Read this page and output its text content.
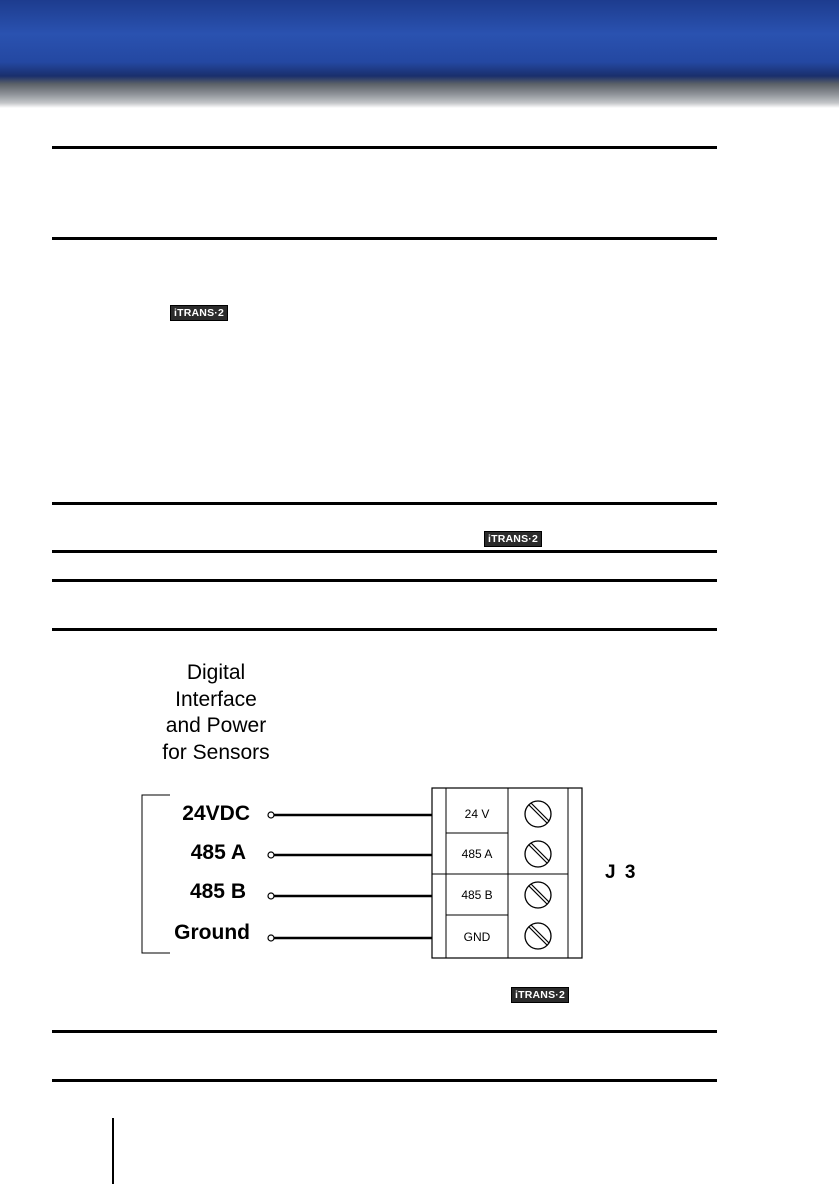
iTRANS·2
iTRANS·2
Digital
Interface
and Power
for Sensors
24VDC
485 A
485 B
Ground
24 V
485 A
485 B
GND
J 3
iTRANS·2
